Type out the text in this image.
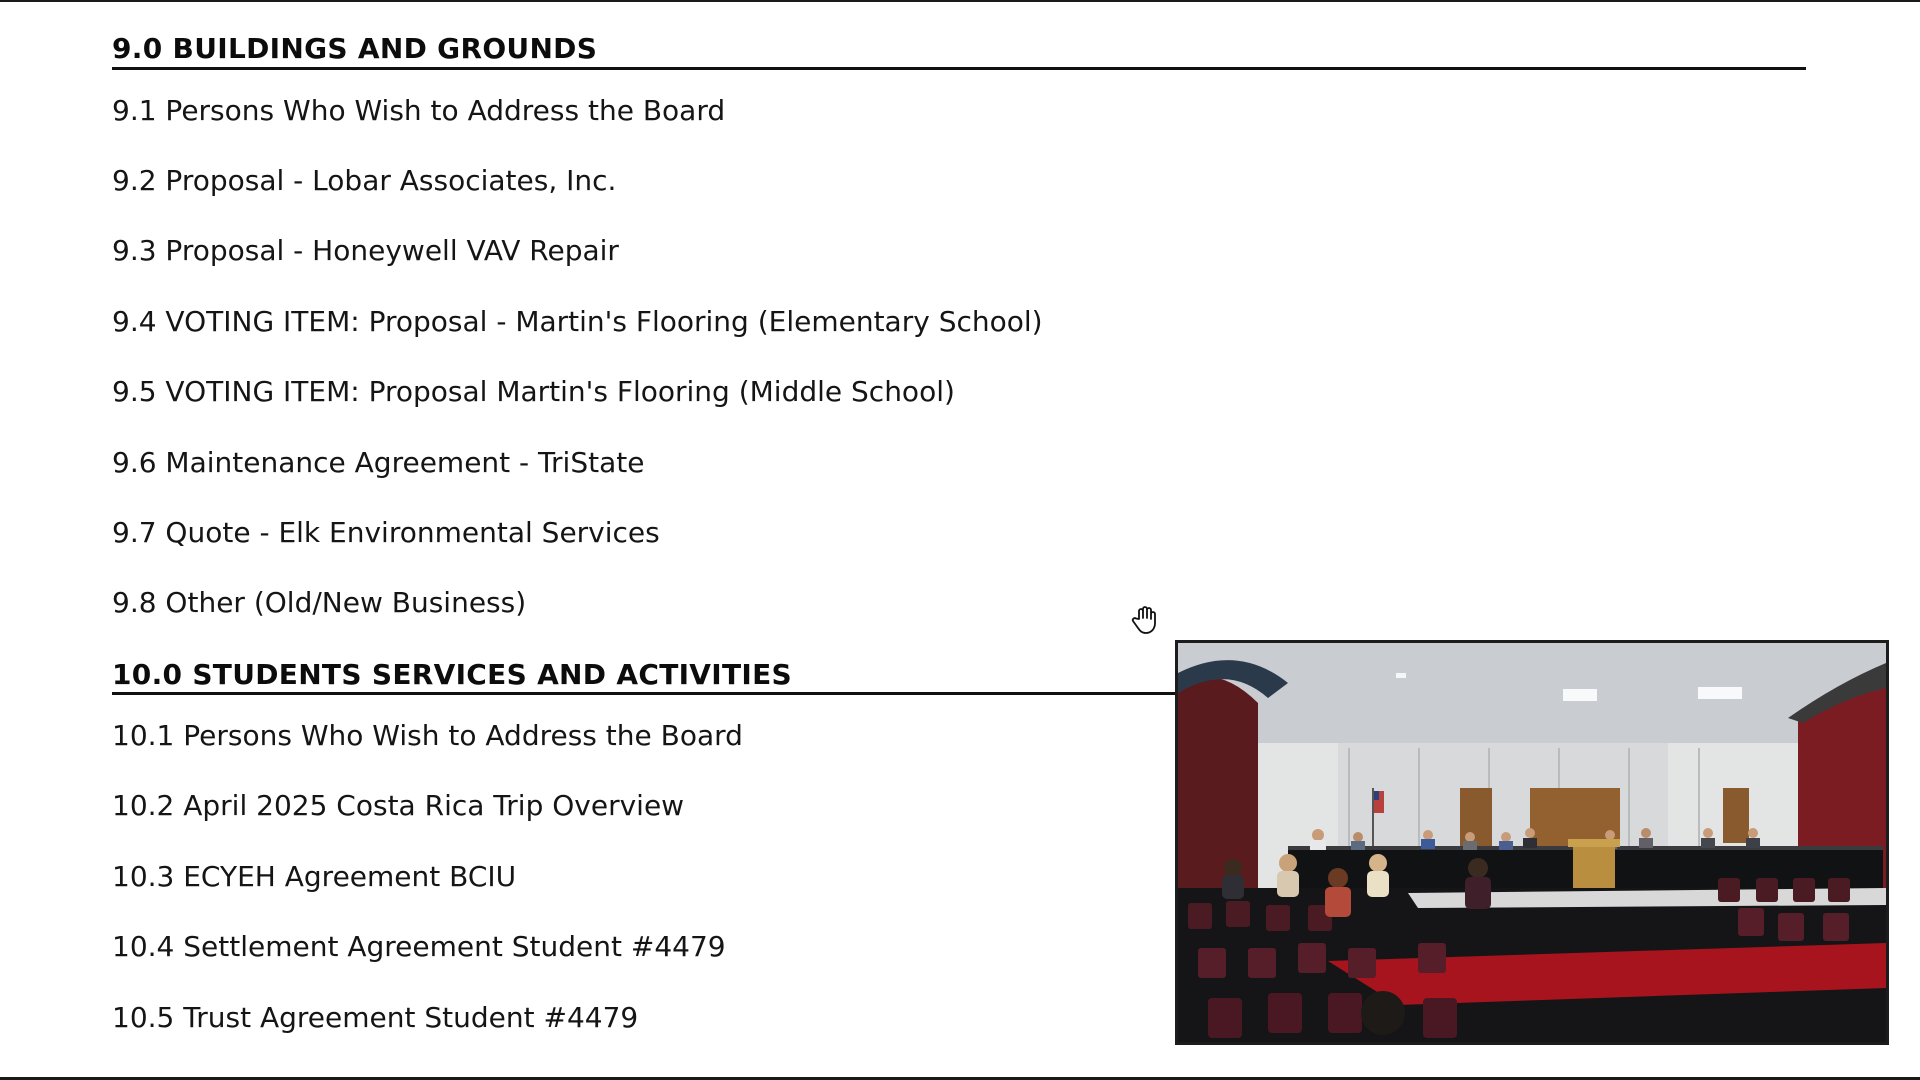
9.0 BUILDINGS AND GROUNDS
9.1 Persons Who Wish to Address the Board
9.2 Proposal - Lobar Associates, Inc.
9.3 Proposal - Honeywell VAV Repair
9.4 VOTING ITEM: Proposal - Martin's Flooring (Elementary School)
9.5 VOTING ITEM: Proposal Martin's Flooring (Middle School)
9.6 Maintenance Agreement - TriState
9.7 Quote - Elk Environmental Services
9.8 Other (Old/New Business)
10.0 STUDENTS SERVICES AND ACTIVITIES
10.1 Persons Who Wish to Address the Board
10.2 April 2025 Costa Rica Trip Overview
10.3 ECYEH Agreement BCIU
10.4 Settlement Agreement Student #4479
10.5 Trust Agreement Student #4479
